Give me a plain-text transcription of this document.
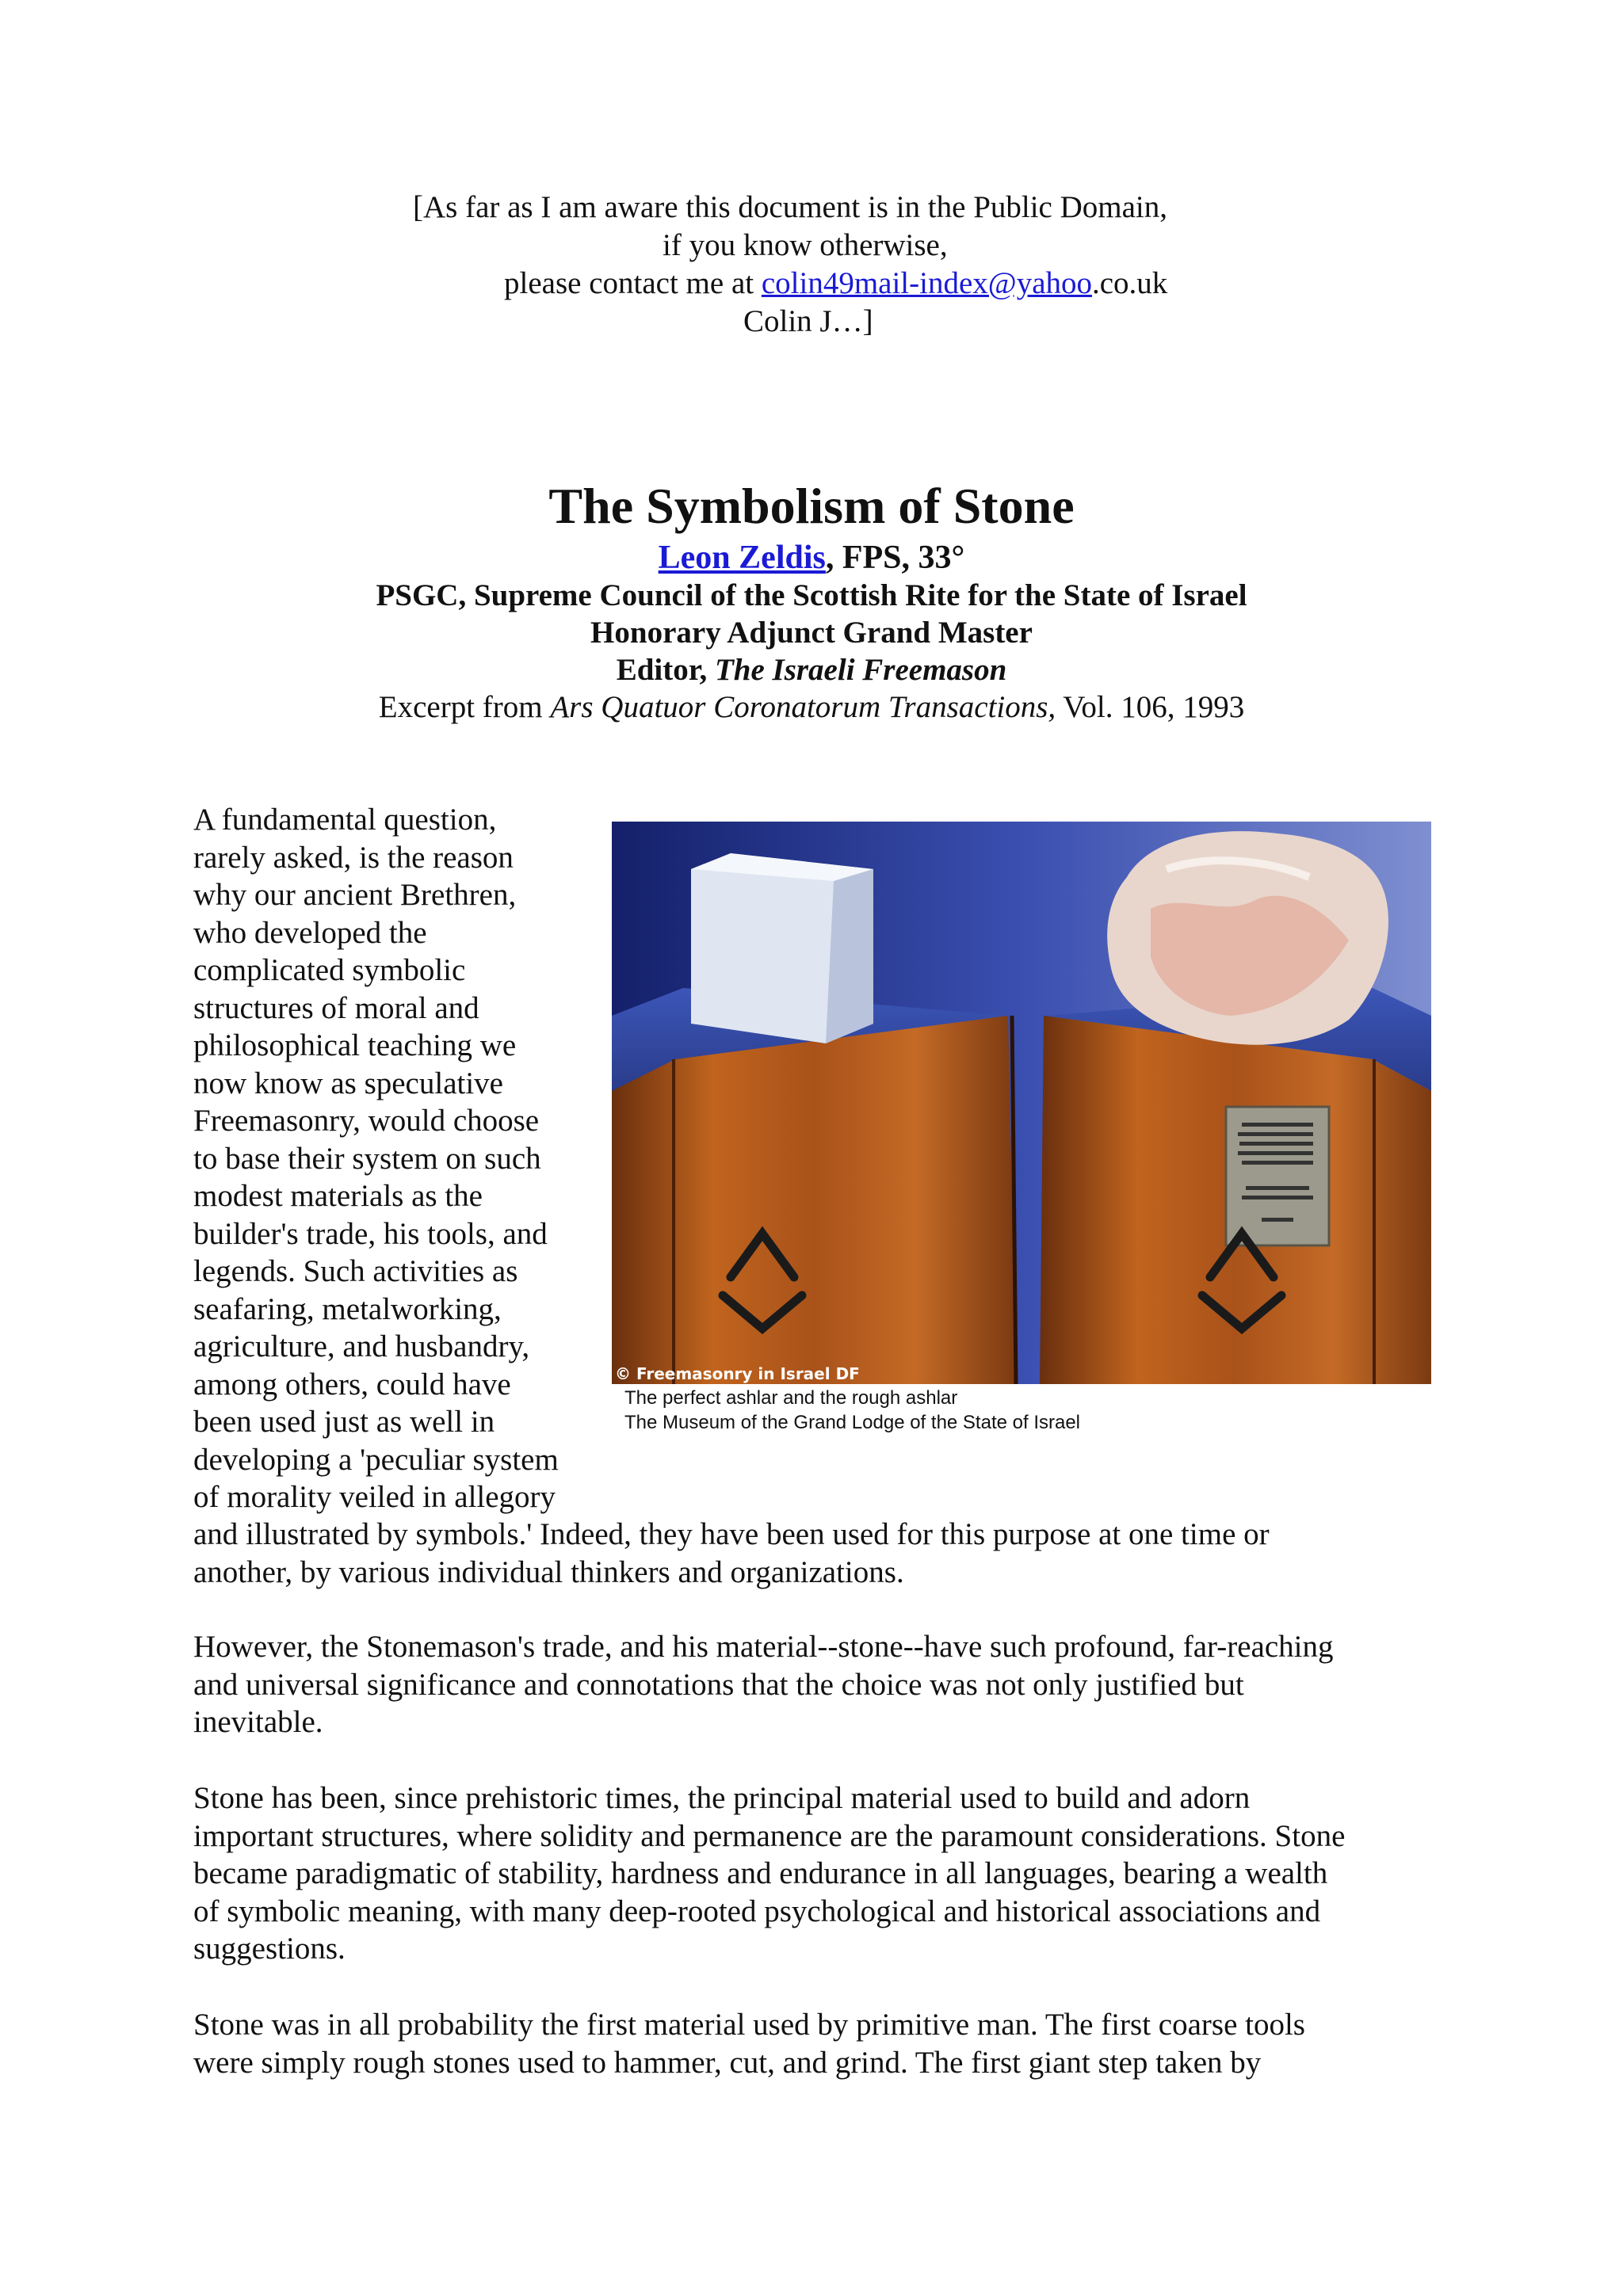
[As far as I am aware this document is in the Public Domain,
if you know otherwise,
please contact me at colin49mail-index@yahoo.co.uk
Colin J…]
The Symbolism of Stone
Leon Zeldis, FPS, 33°
PSGC, Supreme Council of the Scottish Rite for the State of Israel
Honorary Adjunct Grand Master
Editor, The Israeli Freemason
Excerpt from Ars Quatuor Coronatorum Transactions, Vol. 106, 1993
© Freemasonry in Israel DF
The perfect ashlar and the rough ashlar
The Museum of the Grand Lodge of the State of Israel
A fundamental question,
rarely asked, is the reason
why our ancient Brethren,
who developed the
complicated symbolic
structures of moral and
philosophical teaching we
now know as speculative
Freemasonry, would choose
to base their system on such
modest materials as the
builder's trade, his tools, and
legends. Such activities as
seafaring, metalworking,
agriculture, and husbandry,
among others, could have
been used just as well in
developing a 'peculiar system
of morality veiled in allegory
and illustrated by symbols.' Indeed, they have been used for this purpose at one time or
another, by various individual thinkers and organizations.
However, the Stonemason's trade, and his material--stone--have such profound, far-reaching
and universal significance and connotations that the choice was not only justified but
inevitable.
Stone has been, since prehistoric times, the principal material used to build and adorn
important structures, where solidity and permanence are the paramount considerations. Stone
became paradigmatic of stability, hardness and endurance in all languages, bearing a wealth
of symbolic meaning, with many deep-rooted psychological and historical associations and
suggestions.
Stone was in all probability the first material used by primitive man. The first coarse tools
were simply rough stones used to hammer, cut, and grind. The first giant step taken by
